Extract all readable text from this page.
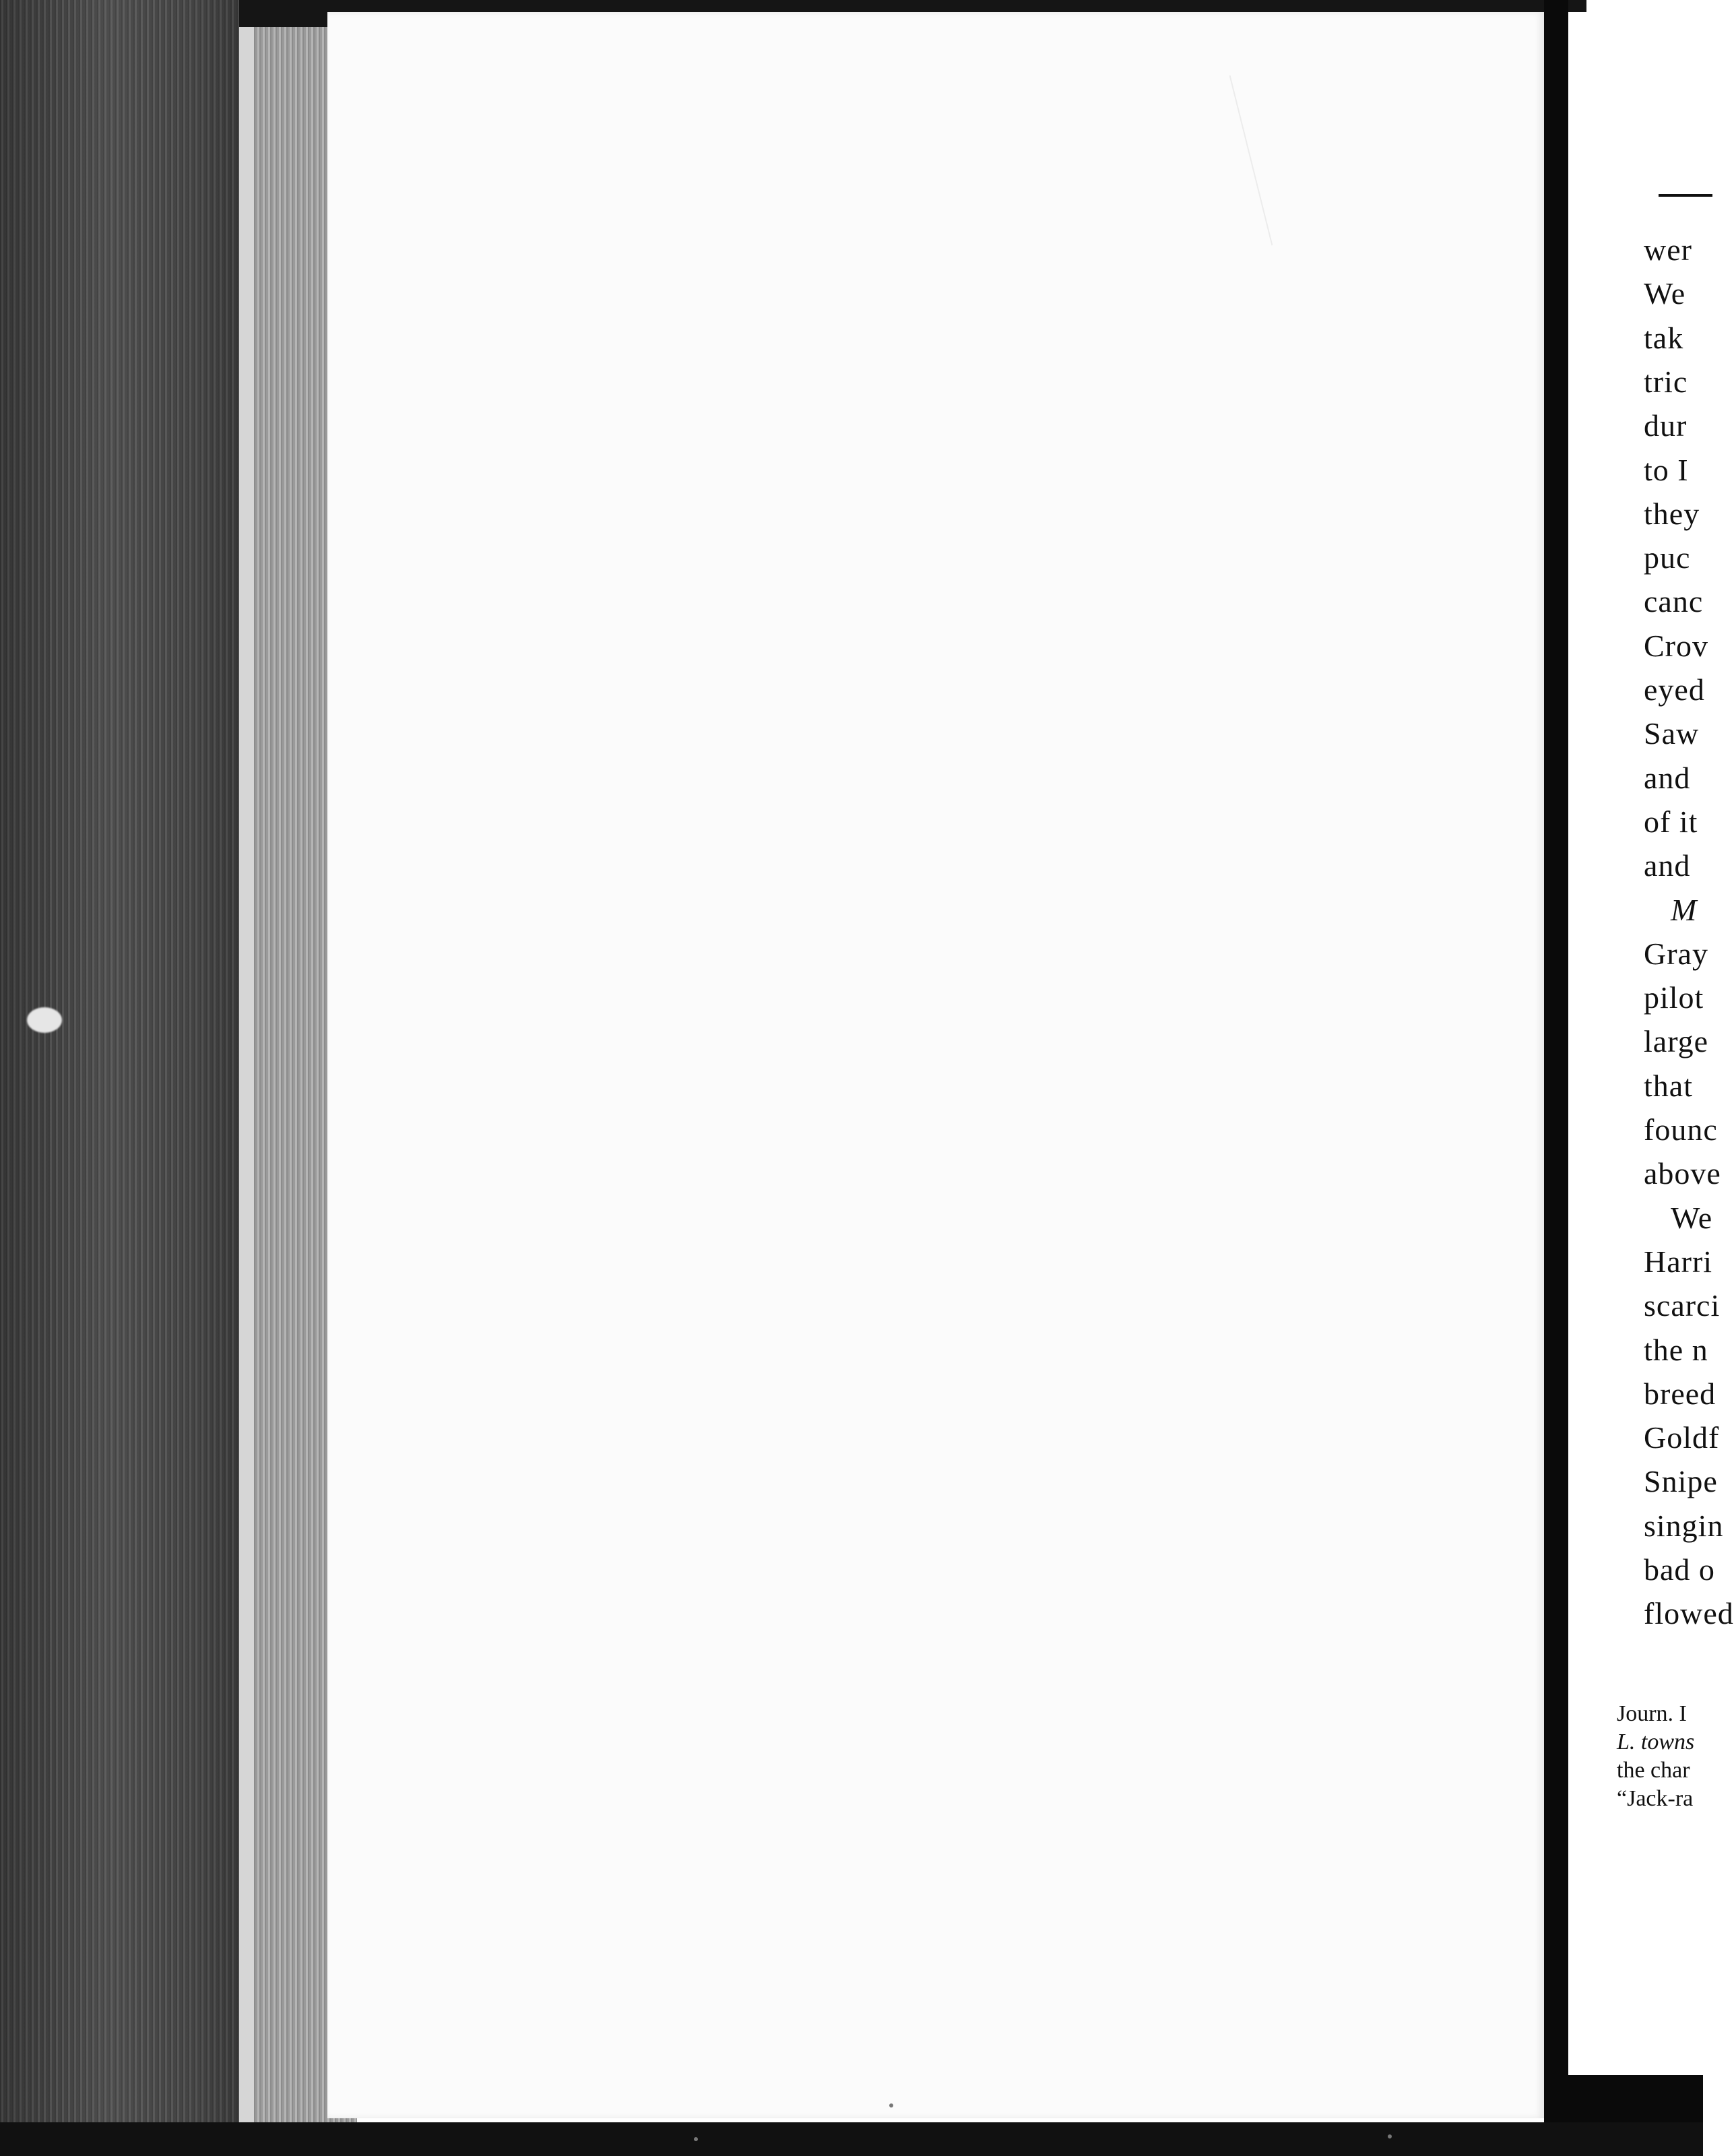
wer

We

tak

tric

dur

to I

they

puc

canc

Crov

eyed

Saw

and

of it

and

M

Gray

pilot

large

that

founc

above

We

Harri

scarci

the n

breed

Goldf

Snipe

singin

bad o

flowed

Journ. I

L. towns

the char

“Jack-ra
